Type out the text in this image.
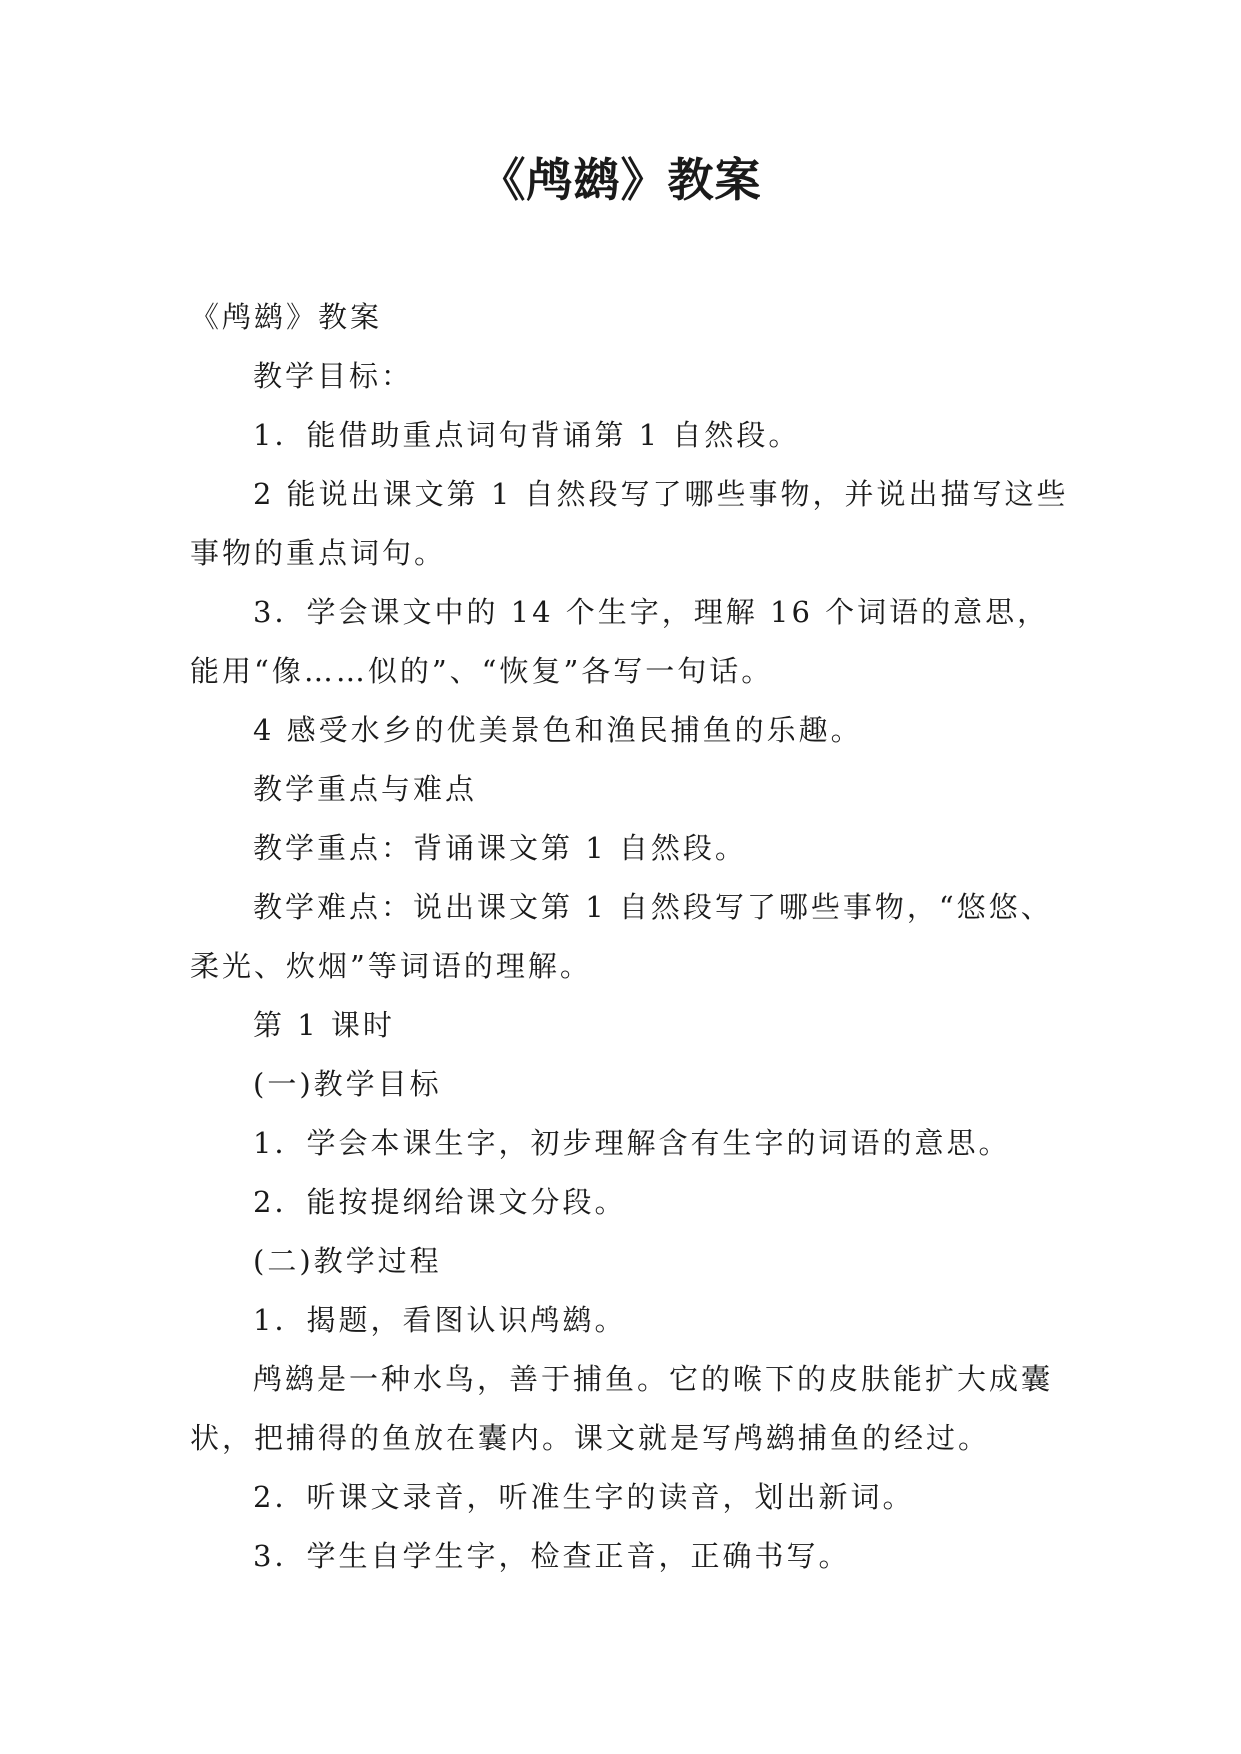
《鸬鹚》教案

《鸬鹚》教案

教学目标：

1．能借助重点词句背诵第 1 自然段。

2 能说出课文第 1 自然段写了哪些事物，并说出描写这些事物的重点词句。

3．学会课文中的 14 个生字，理解 16 个词语的意思，能用“像……似的”、“恢复”各写一句话。

4 感受水乡的优美景色和渔民捕鱼的乐趣。

教学重点与难点

教学重点：背诵课文第 1 自然段。

教学难点：说出课文第 1 自然段写了哪些事物，“悠悠、柔光、炊烟”等词语的理解。

第 1 课时

(一)教学目标

1．学会本课生字，初步理解含有生字的词语的意思。

2．能按提纲给课文分段。

(二)教学过程

1．揭题，看图认识鸬鹚。

鸬鹚是一种水鸟，善于捕鱼。它的喉下的皮肤能扩大成囊状，把捕得的鱼放在囊内。课文就是写鸬鹚捕鱼的经过。

2．听课文录音，听准生字的读音，划出新词。

3．学生自学生字，检查正音，正确书写。
